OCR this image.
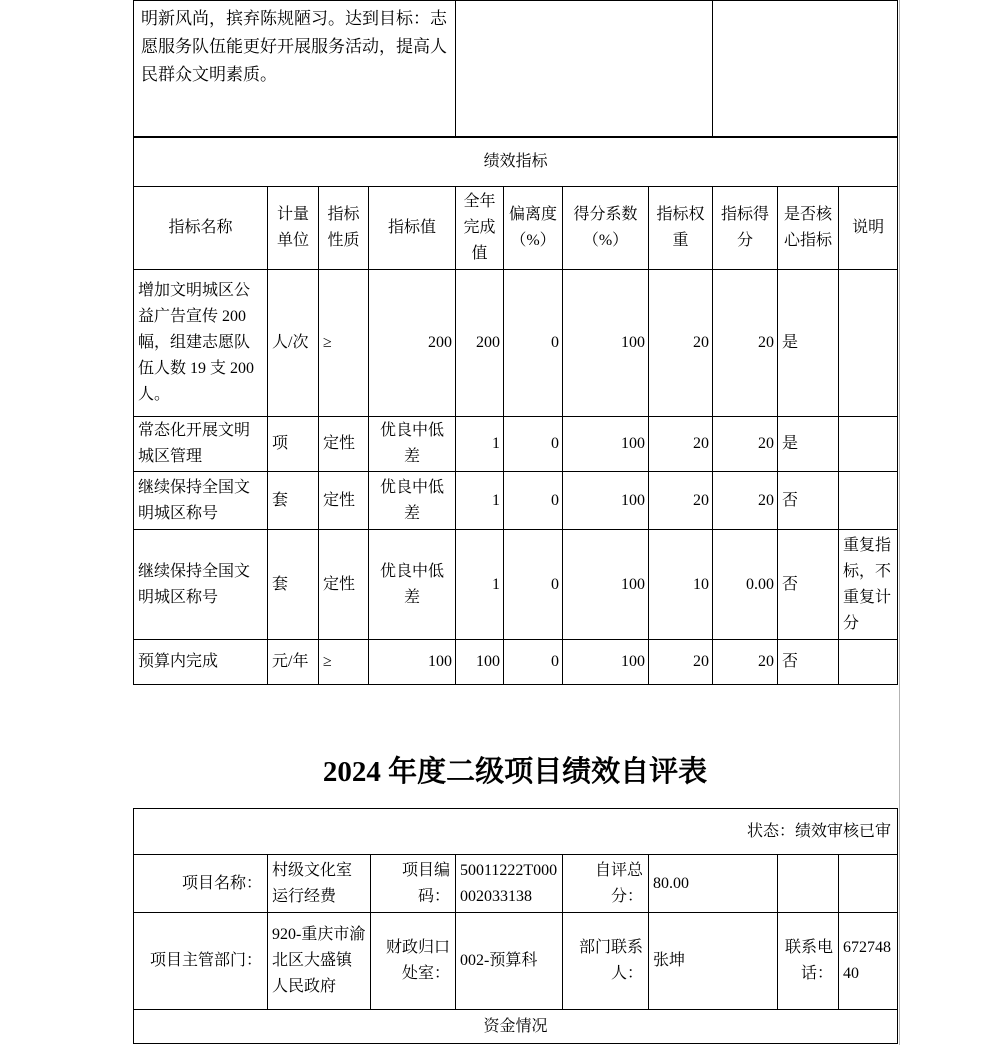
明新风尚，摈弃陈规陋习。达到目标：志愿服务队伍能更好开展服务活动，提高人民群众文明素质。		
绩效指标										
指标名称	计量单位	指标性质	指标值	全年完成值	偏离度（%）	得分系数（%）	指标权重	指标得分	是否核心指标	说明
增加文明城区公益广告宣传 200 幅，组建志愿队伍人数 19 支 200 人。	人/次	≥	200	200	0	100	20	20	是	
常态化开展文明城区管理	项	定性	优良中低差	1	0	100	20	20	是	
继续保持全国文明城区称号	套	定性	优良中低差	1	0	100	20	20	否	
继续保持全国文明城区称号	套	定性	优良中低差	1	0	100	10	0.00	否	重复指标，不重复计分
预算内完成	元/年	≥	100	100	0	100	20	20	否	
2024 年度二级项目绩效自评表
状态：绩效审核已审							
项目名称：	村级文化室运行经费	项目编码：	50011222T000002033138	自评总分：	80.00		
项目主管部门：	920-重庆市渝北区大盛镇人民政府	财政归口处室：	002-预算科	部门联系人：	张坤	联系电话：	67274840
资金情况							
